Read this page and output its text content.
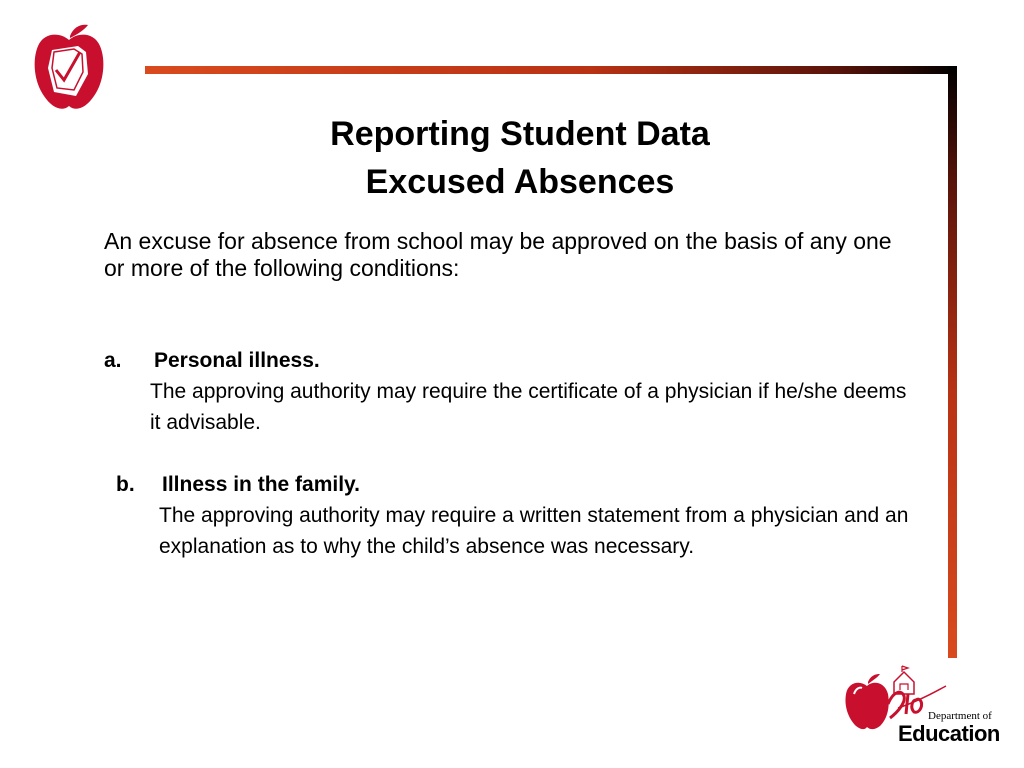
Reporting Student Data
Excused Absences
An excuse for absence from school may be approved on the basis of any one or more of the following conditions:
a. Personal illness.
The approving authority may require the certificate of a physician if he/she deems it advisable.
b. Illness in the family.
The approving authority may require a written statement from a physician and an explanation as to why the child’s absence was necessary.
Department of
Education
